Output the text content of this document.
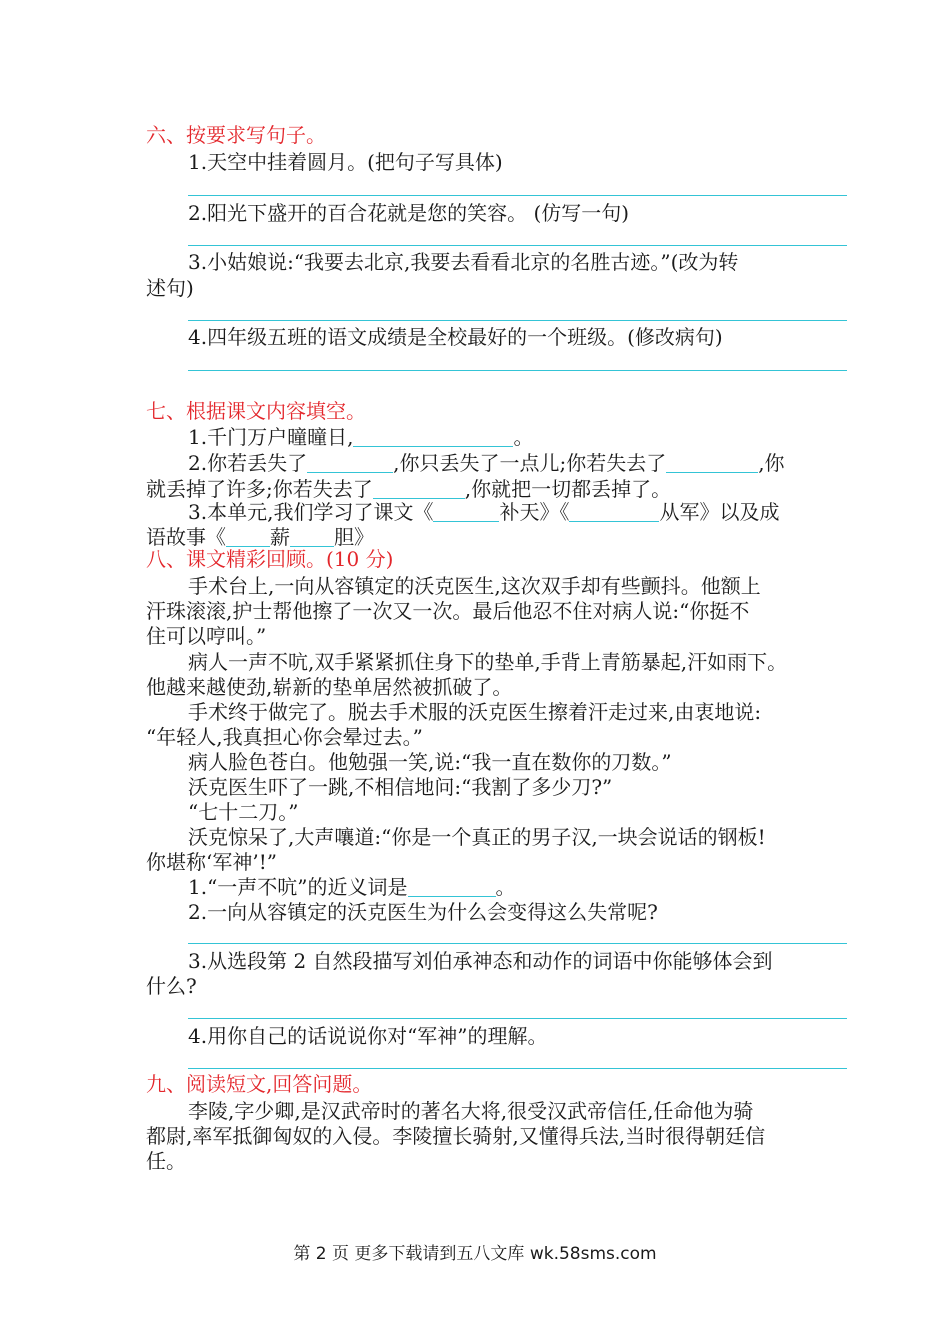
六、按要求写句子。
1.天空中挂着圆月。(把句子写具体)
2.阳光下盛开的百合花就是您的笑容。 (仿写一句)
3.小姑娘说:“我要去北京,我要去看看北京的名胜古迹。”(改为转
述句)
4.四年级五班的语文成绩是全校最好的一个班级。(修改病句)
七、根据课文内容填空。
1.千门万户曈曈日,	。
2.你若丢失了	,你只丢失了一点儿;你若失去了	,你
就丢掉了许多;你若失去了	,你就把一切都丢掉了。
3.本单元,我们学习了课文《	补天》《	从军》以及成
语故事《 薪 胆》
八、课文精彩回顾。(10 分)
手术台上,一向从容镇定的沃克医生,这次双手却有些颤抖。他额上
汗珠滚滚,护士帮他擦了一次又一次。最后他忍不住对病人说:“你挺不
住可以哼叫。”
病人一声不吭,双手紧紧抓住身下的垫单,手背上青筋暴起,汗如雨下。
他越来越使劲,崭新的垫单居然被抓破了。
手术终于做完了。脱去手术服的沃克医生擦着汗走过来,由衷地说:
“年轻人,我真担心你会晕过去。”
病人脸色苍白。他勉强一笑,说:“我一直在数你的刀数。”
沃克医生吓了一跳,不相信地问:“我割了多少刀?”
“七十二刀。”
沃克惊呆了,大声嚷道:“你是一个真正的男子汉,一块会说话的钢板!
你堪称‘军神’!”
1.“一声不吭”的近义词是	。
2.一向从容镇定的沃克医生为什么会变得这么失常呢?
3.从选段第 2 自然段描写刘伯承神态和动作的词语中你能够体会到
什么?
4.用你自己的话说说你对“军神”的理解。
九、阅读短文,回答问题。
李陵,字少卿,是汉武帝时的著名大将,很受汉武帝信任,任命他为骑
都尉,率军抵御匈奴的入侵。李陵擅长骑射,又懂得兵法,当时很得朝廷信
任。
第 2 页 更多下载请到五八文库 wk.58sms.com
